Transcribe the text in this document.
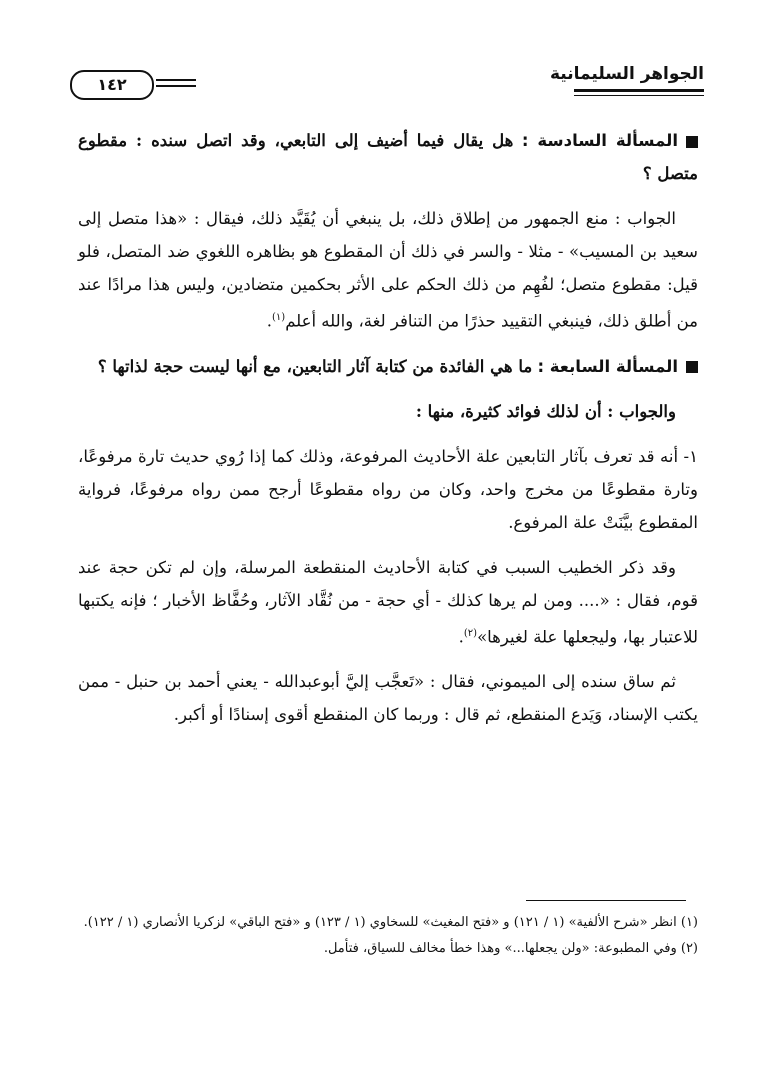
الجواهر السليمانية
١٤٢

المسألة السادسة : هل يقال فيما أضيف إلى التابعي، وقد اتصل سنده : مقطوع متصل ؟

الجواب : منع الجمهور من إطلاق ذلك، بل ينبغي أن يُقَيَّد ذلك، فيقال : «هذا متصل إلى سعيد بن المسيب» - مثلا - والسر في ذلك أن المقطوع هو بظاهره اللغوي ضد المتصل، فلو قيل: مقطوع متصل؛ لفُهِم من ذلك الحكم على الأثر بحكمين متضادين، وليس هذا مرادًا عند من أطلق ذلك، فينبغي التقييد حذرًا من التنافر لغة، والله أعلم$^{(١)}$.

المسألة السابعة : ما هي الفائدة من كتابة آثار التابعين، مع أنها ليست حجة لذاتها ؟

والجواب : أن لذلك فوائد كثيرة، منها :

١- أنه قد تعرف بآثار التابعين علة الأحاديث المرفوعة، وذلك كما إذا رُوي حديث تارة مرفوعًا، وتارة مقطوعًا من مخرج واحد، وكان من رواه مقطوعًا أرجح ممن رواه مرفوعًا، فرواية المقطوع بيَّنَتْ علة المرفوع.

وقد ذكر الخطيب السبب في كتابة الأحاديث المنقطعة المرسلة، وإن لم تكن حجة عند قوم، فقال : «.... ومن لم يرها كذلك - أي حجة - من نُقَّاد الآثار، وحُفَّاظ الأخبار ؛ فإنه يكتبها للاعتبار بها، وليجعلها علة لغيرها»$^{(٢)}$.

ثم ساق سنده إلى الميموني، فقال : «تَعجَّب إليَّ أبوعبدالله - يعني أحمد بن حنبل - ممن يكتب الإسناد، وَيَدع المنقطع، ثم قال : وربما كان المنقطع أقوى إسنادًا أو أكبر.

(١) انظر «شرح الألفية» (١ / ١٢١) و «فتح المغيث» للسخاوي (١ / ١٢٣) و «فتح الباقي» لزكريا الأنصاري (١ / ١٢٢).

(٢) وفي المطبوعة: «ولن يجعلها...» وهذا خطأ مخالف للسياق، فتأمل.
